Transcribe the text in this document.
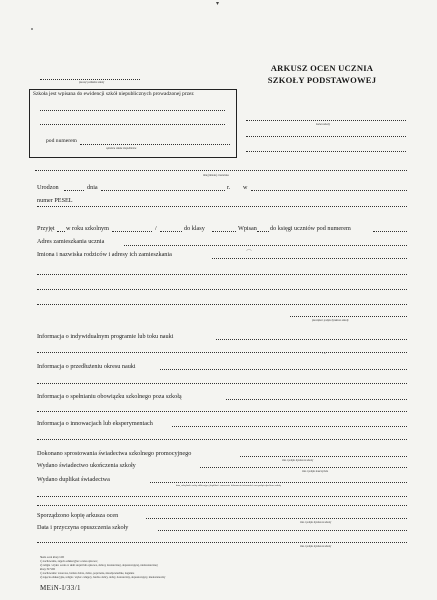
pieczęć podłużna szkoły
ARKUSZ OCEN UCZNIA
SZKOŁY PODSTAWOWEJ
nazwa szkoły
Szkoła jest wpisana do ewidencji szkół niepublicznych prowadzonej przez
pod numerem
wpisnica szkoła niepubliczna
imię (imiona) i nazwisko
Urodzon	dnia	r. w
numer PESEL
Przyjęt w roku szkolnym	/	do klasy	Wpisan do księgi uczniów pod numerem
Adres zamieszkania ucznia
Imiona i nazwiska rodziców i adresy ich zamieszkania	⌒
pieczątka i podpis dyrektora szkoły
Informacja o indywidualnym programie lub toku nauki
↓ s
Informacja o przedłużeniu okresu nauki
Informacja o spełnianiu obowiązku szkolnego poza szkołą
Informacja o innowacjach lub eksperymentach
Dokonano sprostowania świadectwa szkolnego promocyjnego
data i podpis dyrektora szkoły
Wydano świadectwo ukończenia szkoły
data i podpis nauczyciela
Wydano duplikat świadectwa
data, rubrykach osoby odbierającej duplikat i oznaczenie dokumentu tożsamości oraz podpis dyrektora szkoły
Sporządzono kopię arkusza ocen
data i podpis dyrektora szkoły
Data i przyczyna opuszczenia szkoły
data i podpis dyrektora szkoły
Skala ocen klasy I-III
1) zachowanie, zajęcia edukacyjne: ocena opisowa;
2) religia / etyka: ocena w skali stopni lub opisowa, dobrej, dostatecznej, dopuszczającej, niedostatecznej
klasy IV-VIII
1) zachowanie: wzorowe, bardzo dobre, dobre, poprawne, nieodpowiednie, naganne
2) zajęcia edukacyjne, religia / etyka: celujący, bardzo dobry, dobry, dostateczny, dopuszczający, niedostateczny
MEiN-I/33/1
▾
